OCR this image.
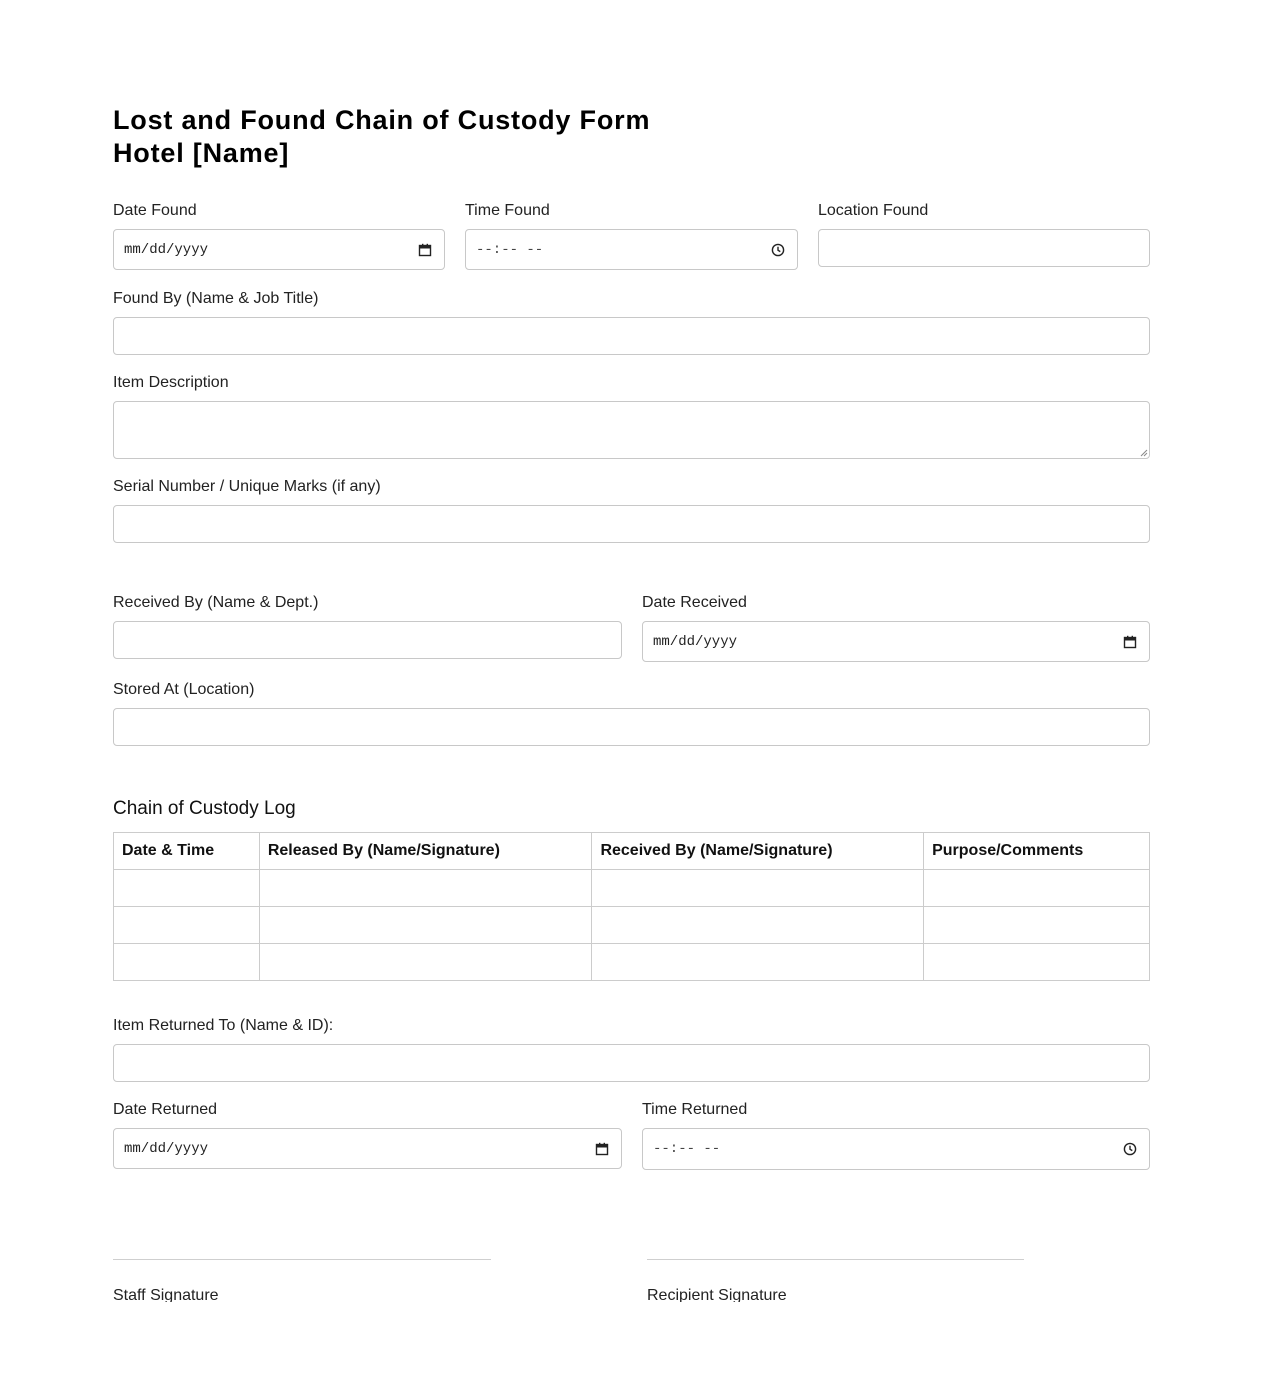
Lost and Found Chain of Custody Form
Hotel [Name]
Date Found
mm/dd/yyyy
Time Found
--:-- --
Location Found
Found By (Name & Job Title)
Item Description
Serial Number / Unique Marks (if any)
Received By (Name & Dept.)	Date Received
mm/dd/yyyy
Stored At (Location)
Chain of Custody Log
Date & Time	Released By (Name/Signature)	Received By (Name/Signature)	Purpose/Comments

Item Returned To (Name & ID):
Date Returned
mm/dd/yyyy
Time Returned
--:-- --
Staff Signature	Recipient Signature
